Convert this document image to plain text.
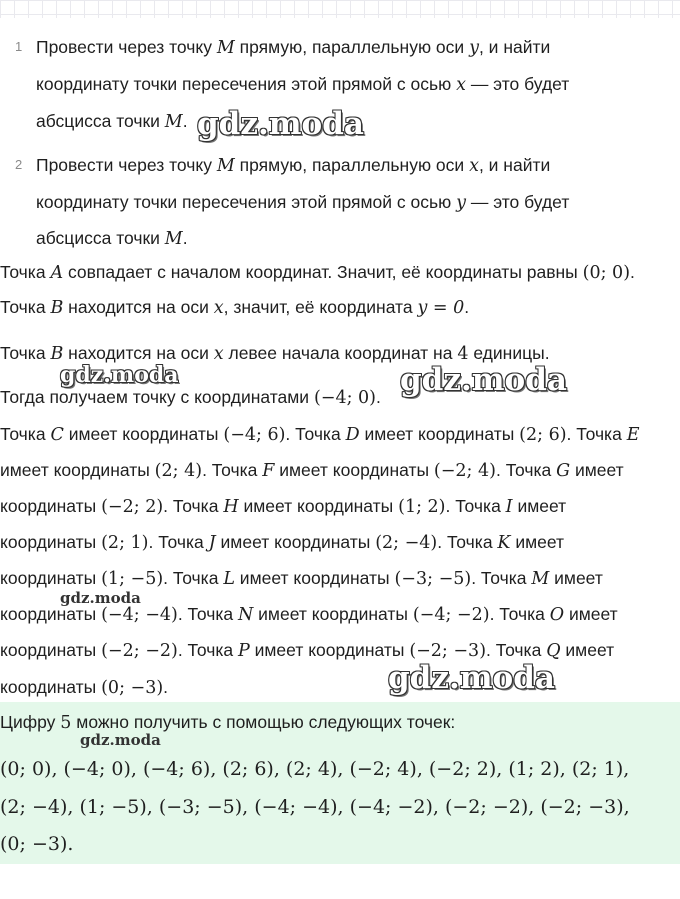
1 Провести через точку M прямую, параллельную оси y, и найти
координату точки пересечения этой прямой с осью x — это будет
абсцисса точки M.
2 Провести через точку M прямую, параллельную оси x, и найти
координату точки пересечения этой прямой с осью y — это будет
абсцисса точки M.
Точка A совпадает с началом координат. Значит, её координаты равны (0; 0).
Точка B находится на оси x, значит, её координата y = 0.
Точка B находится на оси x левее начала координат на 4 единицы.
Тогда получаем точку с координатами (−4; 0).
Точка C имеет координаты (−4; 6). Точка D имеет координаты (2; 6). Точка E
имеет координаты (2; 4). Точка F имеет координаты (−2; 4). Точка G имеет
координаты (−2; 2). Точка H имеет координаты (1; 2). Точка I имеет
координаты (2; 1). Точка J имеет координаты (2; −4). Точка K имеет
координаты (1; −5). Точка L имеет координаты (−3; −5). Точка M имеет
координаты (−4; −4). Точка N имеет координаты (−4; −2). Точка O имеет
координаты (−2; −2). Точка P имеет координаты (−2; −3). Точка Q имеет
координаты (0; −3).
Цифру 5 можно получить с помощью следующих точек:
(0; 0), (−4; 0), (−4; 6), (2; 6), (2; 4), (−2; 4), (−2; 2), (1; 2), (2; 1),
(2; −4), (1; −5), (−3; −5), (−4; −4), (−4; −2), (−2; −2), (−2; −3),
(0; −3).
gdz.moda
gdz.moda	gdz.moda
gdz.moda
gdz.moda
gdz.moda
